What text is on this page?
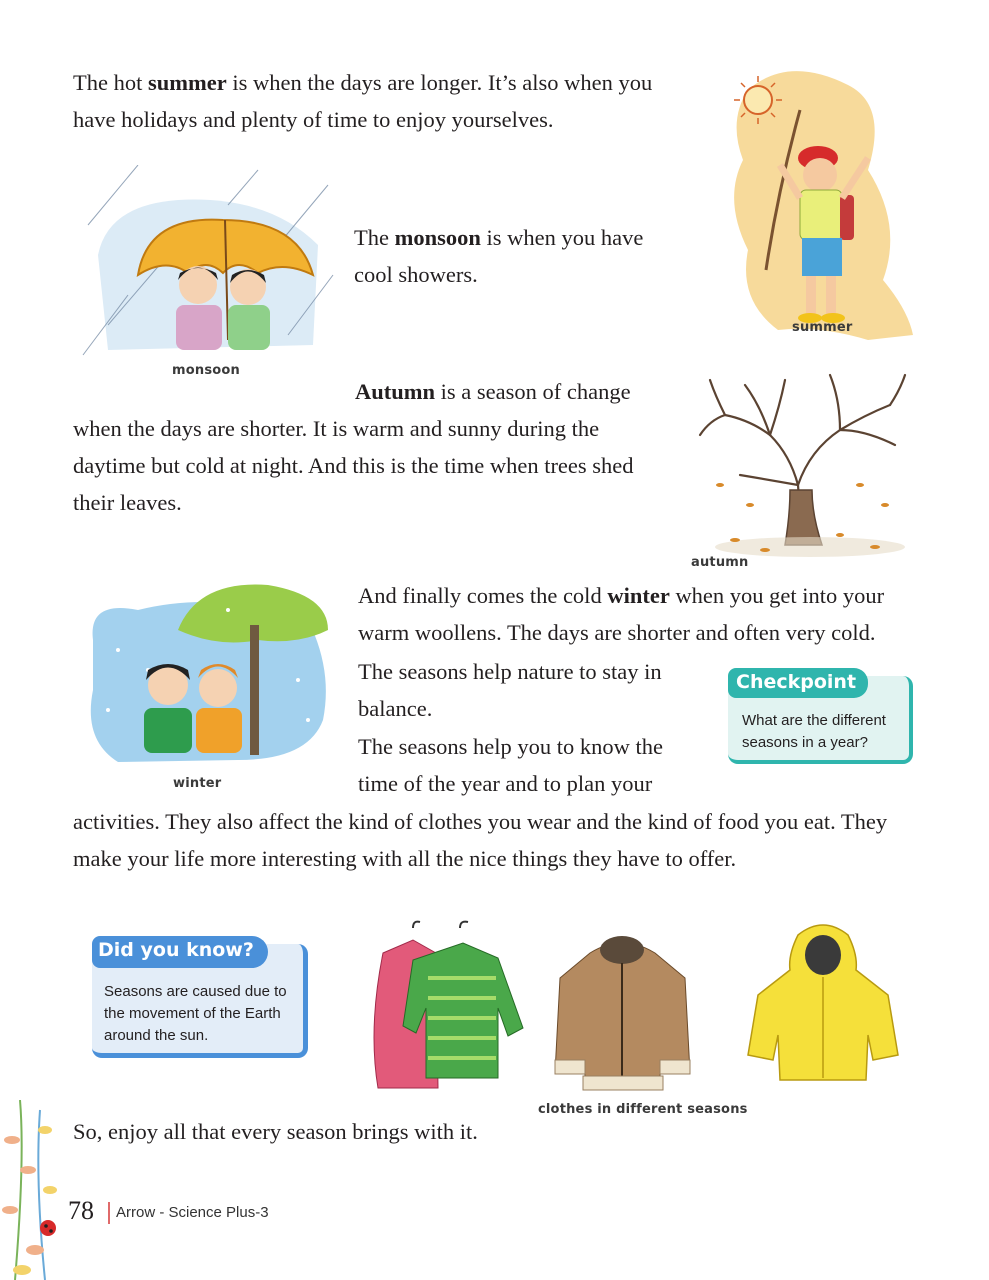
The hot summer is when the days are longer. It’s also when you have holidays and plenty of time to enjoy yourselves.

summer
monsoon

The monsoon is when you have cool showers.

Autumn is a season of change

when the days are shorter. It is warm and sunny during the daytime but cold at night. And this is the time when trees shed their leaves.

autumn
winter

And finally comes the cold winter when you get into your warm woollens. The days are shorter and often very cold.

The seasons help nature to stay in balance.

The seasons help you to know the time of the year and to plan your

activities. They also affect the kind of clothes you wear and the kind of food you eat. They make your life more interesting with all the nice things they have to offer.

Checkpoint
What are the different seasons in a year?
Did you know?
Seasons are caused due to the movement of the Earth around the sun.
clothes in different seasons

So, enjoy all that every season brings with it.

78 Arrow - Science Plus-3
